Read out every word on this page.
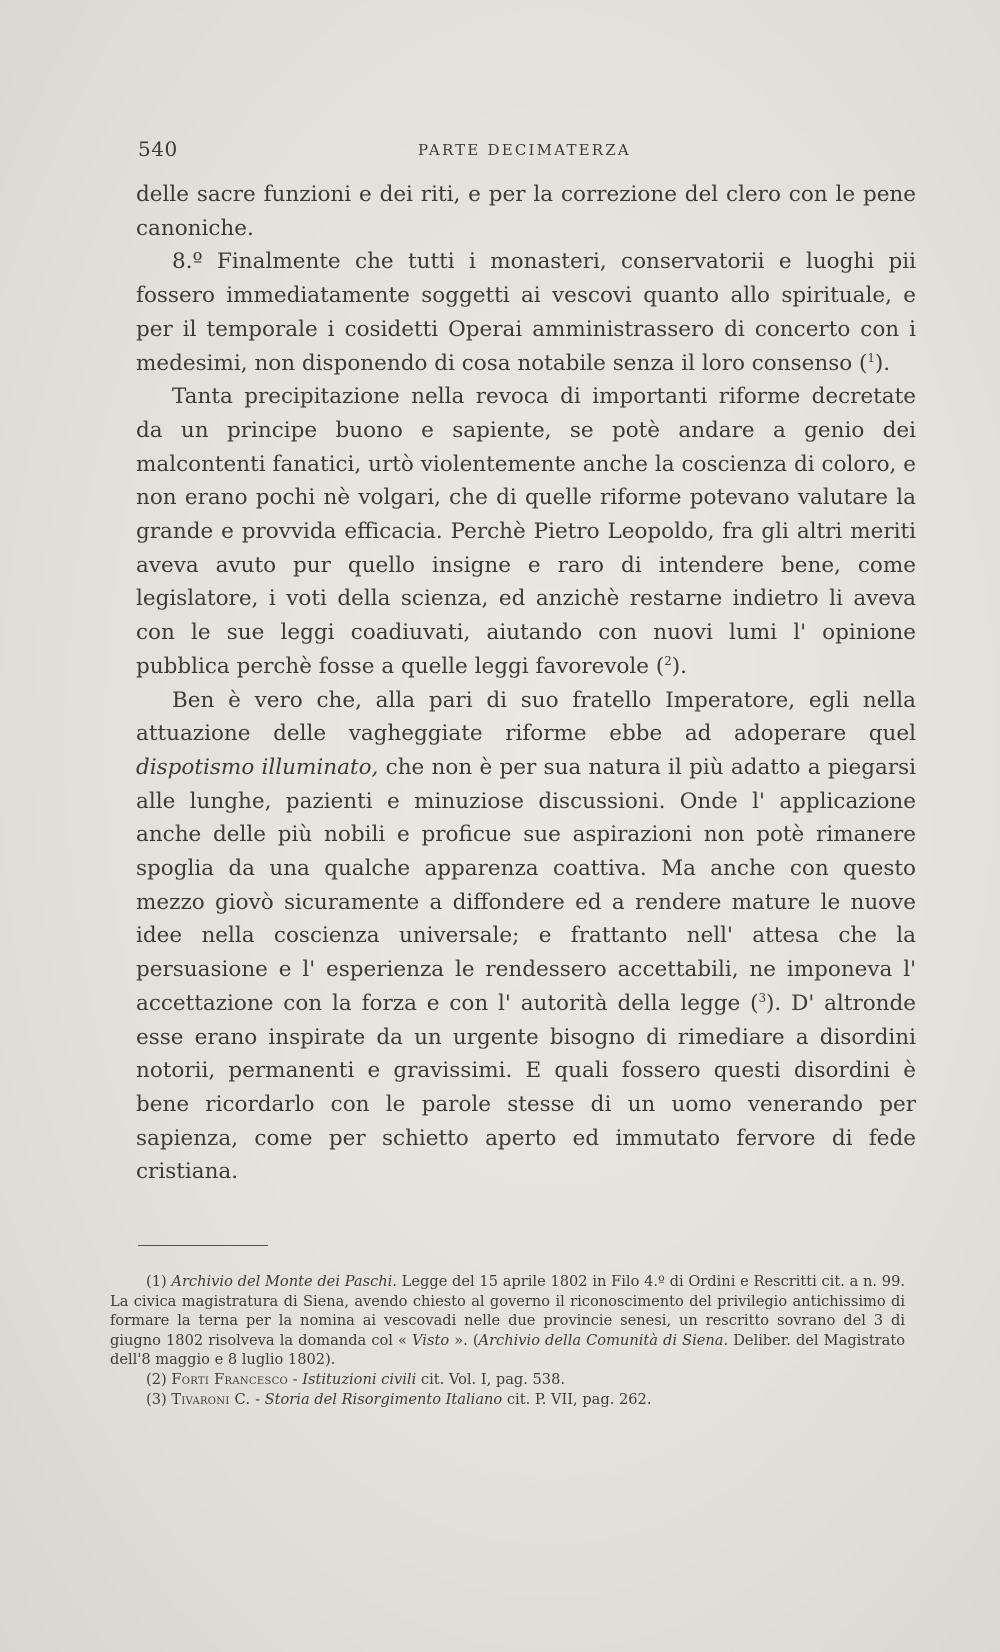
540	PARTE DECIMATERZA

delle sacre funzioni e dei riti, e per la correzione del clero con le pene canoniche.

8.º Finalmente che tutti i monasteri, conservatorii e luoghi pii fossero immediatamente soggetti ai vescovi quanto allo spirituale, e per il temporale i cosidetti Operai amministrassero di concerto con i medesimi, non disponendo di cosa notabile senza il loro consenso ($^1$).

Tanta precipitazione nella revoca di importanti riforme decretate da un principe buono e sapiente, se potè andare a genio dei malcontenti fanatici, urtò violentemente anche la coscienza di coloro, e non erano pochi nè volgari, che di quelle riforme potevano valutare la grande e provvida efficacia. Perchè Pietro Leopoldo, fra gli altri meriti aveva avuto pur quello insigne e raro di intendere bene, come legislatore, i voti della scienza, ed anzichè restarne indietro li aveva con le sue leggi coadiuvati, aiutando con nuovi lumi l' opinione pubblica perchè fosse a quelle leggi favorevole ($^2$).

Ben è vero che, alla pari di suo fratello Imperatore, egli nella attuazione delle vagheggiate riforme ebbe ad adoperare quel dispotismo illuminato, che non è per sua natura il più adatto a piegarsi alle lunghe, pazienti e minuziose discussioni. Onde l' applicazione anche delle più nobili e proficue sue aspirazioni non potè rimanere spoglia da una qualche apparenza coattiva. Ma anche con questo mezzo giovò sicuramente a diffondere ed a rendere mature le nuove idee nella coscienza universale; e frattanto nell' attesa che la persuasione e l' esperienza le rendessero accettabili, ne imponeva l' accettazione con la forza e con l' autorità della legge ($^3$). D' altronde esse erano inspirate da un urgente bisogno di rimediare a disordini notorii, permanenti e gravissimi. E quali fossero questi disordini è bene ricordarlo con le parole stesse di un uomo venerando per sapienza, come per schietto aperto ed immutato fervore di fede cristiana.

(1) Archivio del Monte dei Paschi. Legge del 15 aprile 1802 in Filo 4.º di Ordini e Rescritti cit. a n. 99. La civica magistratura di Siena, avendo chiesto al governo il riconoscimento del privilegio antichissimo di formare la terna per la nomina ai vescovadi nelle due provincie senesi, un rescritto sovrano del 3 di giugno 1802 risolveva la domanda col « Visto ». (Archivio della Comunità di Siena. Deliber. del Magistrato dell'8 maggio e 8 luglio 1802).

(2) Forti Francesco - Istituzioni civili cit. Vol. I, pag. 538.

(3) Tivaroni C. - Storia del Risorgimento Italiano cit. P. VII, pag. 262.
